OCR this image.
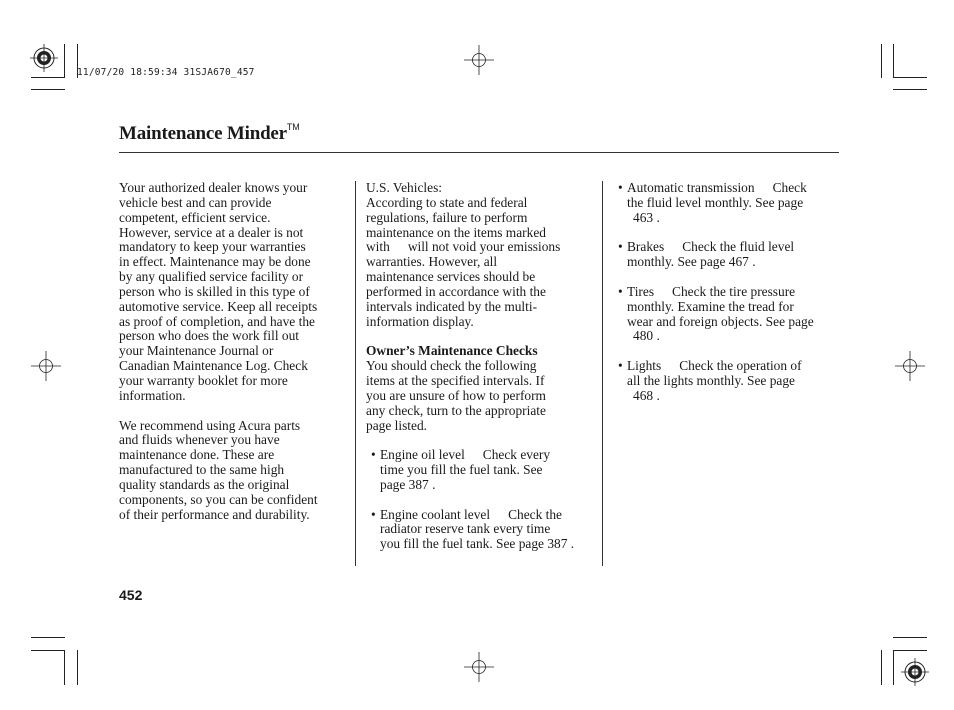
11/07/20 18:59:34 31SJA670_457
Maintenance Minder™

Your authorized dealer knows your
vehicle best and can provide
competent, efficient service.
However, service at a dealer is not
mandatory to keep your warranties
in effect. Maintenance may be done
by any qualified service facility or
person who is skilled in this type of
automotive service. Keep all receipts
as proof of completion, and have the
person who does the work fill out
your Maintenance Journal or
Canadian Maintenance Log. Check
your warranty booklet for more
information.

We recommend using Acura parts
and fluids whenever you have
maintenance done. These are
manufactured to the same high
quality standards as the original
components, so you can be confident
of their performance and durability.

U.S. Vehicles:
According to state and federal
regulations, failure to perform
maintenance on the items marked
with will not void your emissions
warranties. However, all
maintenance services should be
performed in accordance with the
intervals indicated by the multi-
information display.

Owner’s Maintenance Checks

You should check the following
items at the specified intervals. If
you are unsure of how to perform
any check, turn to the appropriate
page listed.

• Engine oil level Check every
time you fill the fuel tank. See
page 387 .
• Engine coolant level Check the
radiator reserve tank every time
you fill the fuel tank. See page 387 .
• Automatic transmission Check
the fluid level monthly. See page
463 .
• Brakes Check the fluid level
monthly. See page 467 .
• Tires Check the tire pressure
monthly. Examine the tread for
wear and foreign objects. See page
480 .
• Lights Check the operation of
all the lights monthly. See page
468 .
452
